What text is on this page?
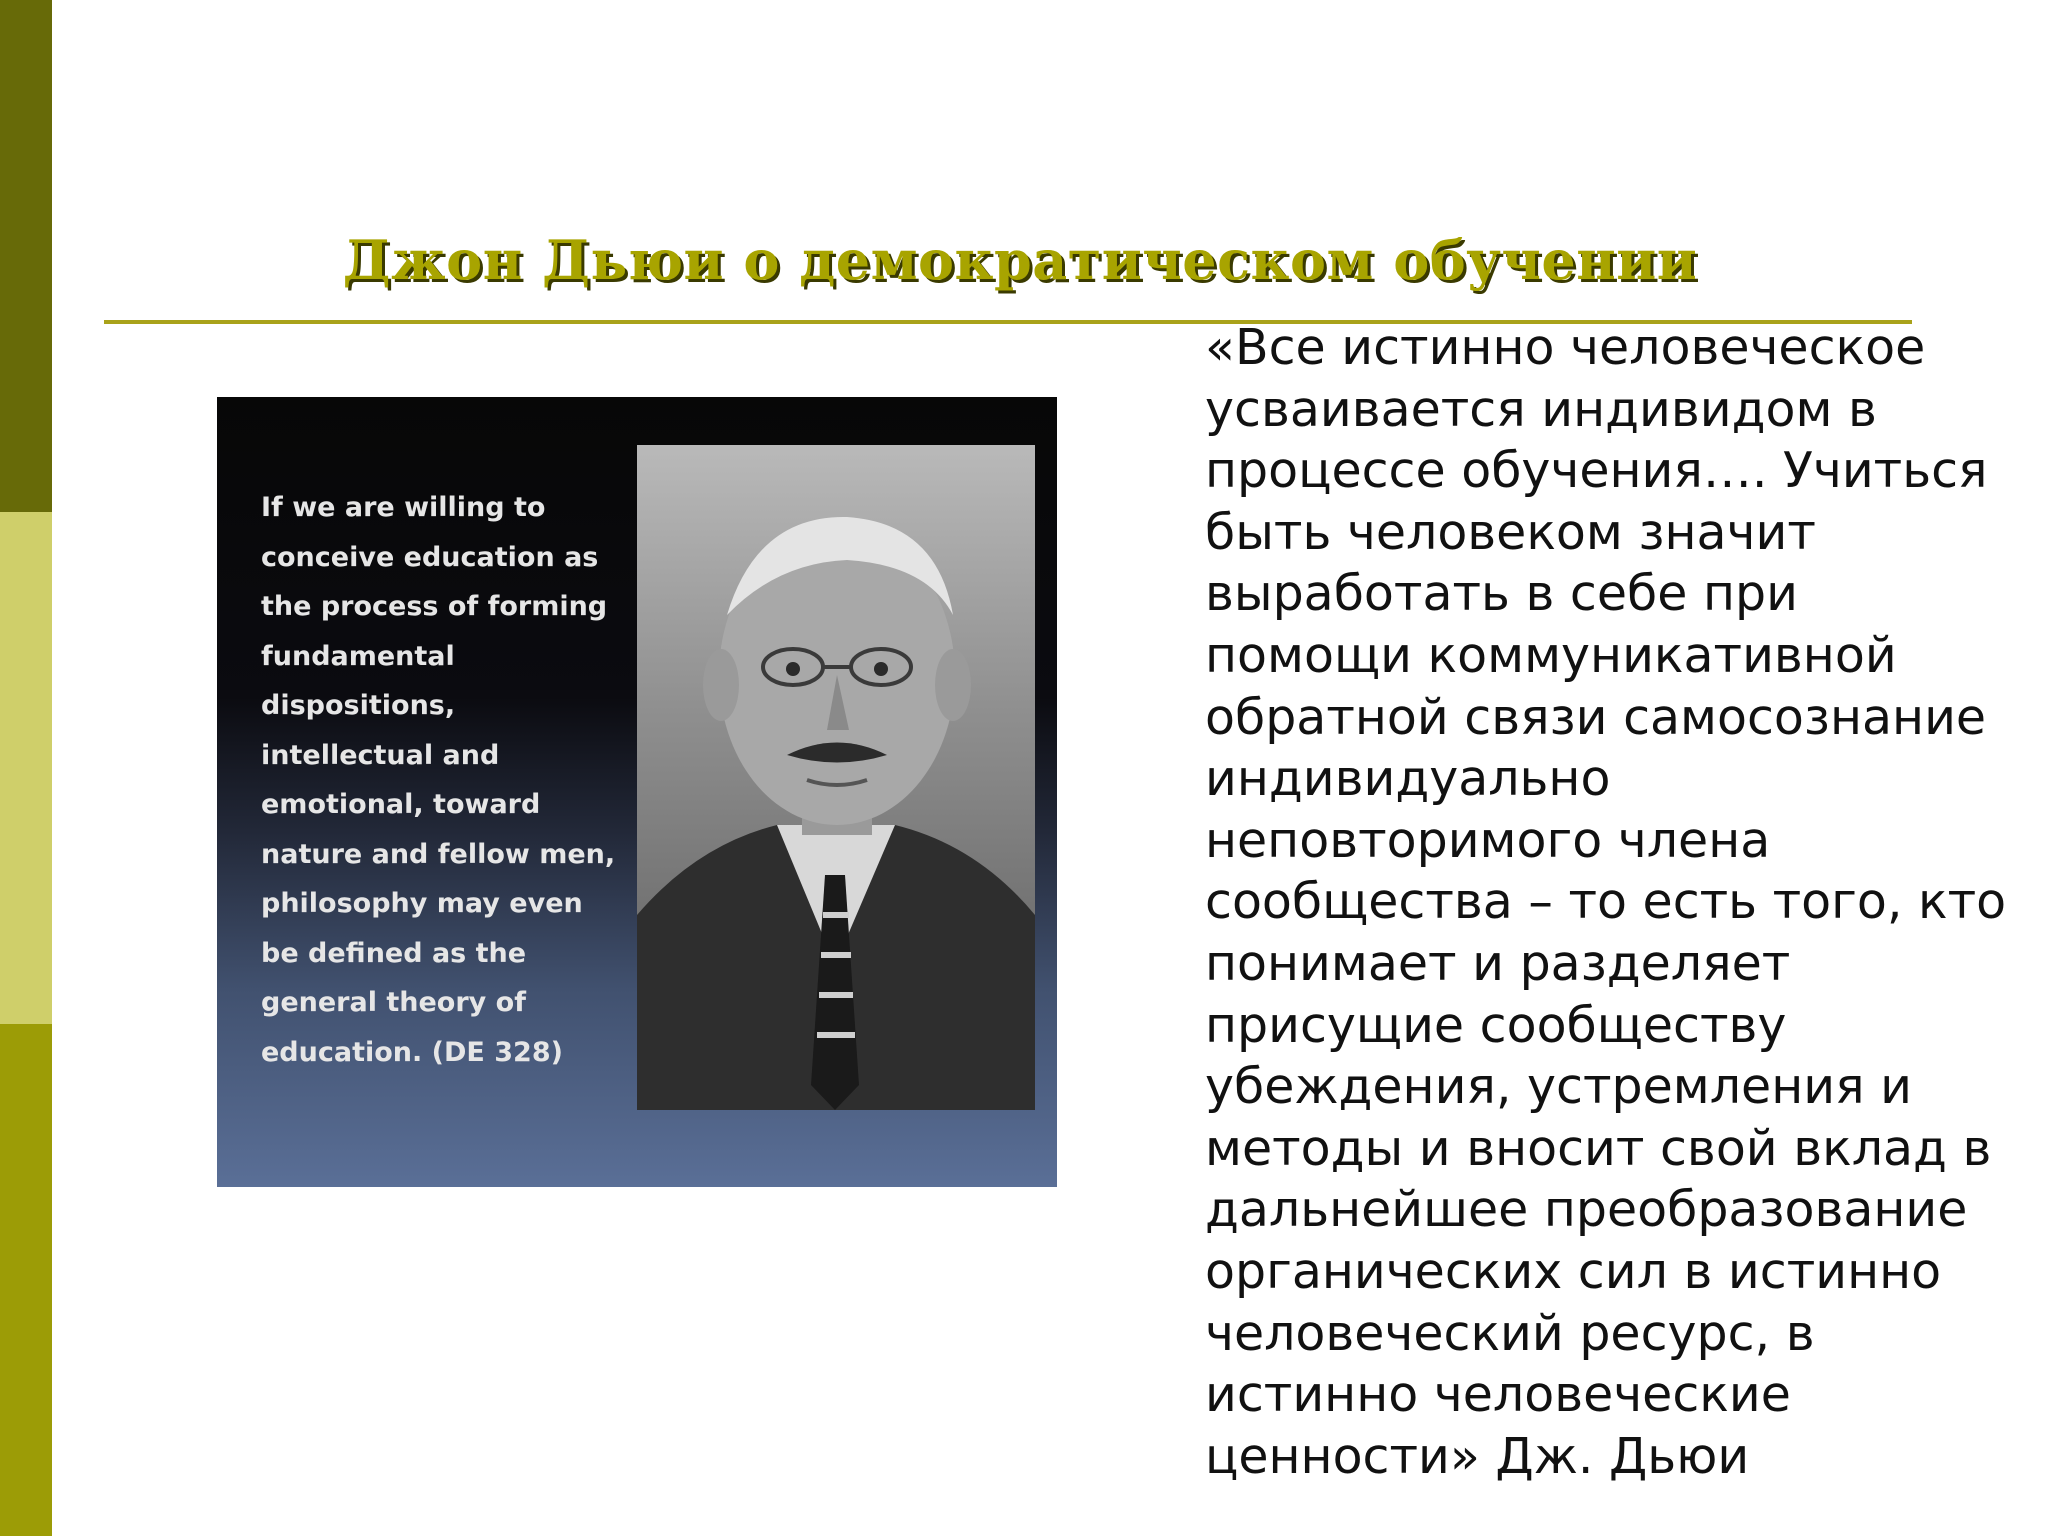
Джон Дьюи о демократическом обучении
If we are willing to
conceive education as
the process of forming
fundamental
dispositions,
intellectual and
emotional, toward
nature and fellow men,
philosophy may even
be defined as the
general theory of
education. (DE 328)
«Все истинно человеческое
усваивается индивидом в
процессе обучения…. Учиться
быть человеком значит
выработать в себе при
помощи коммуникативной
обратной связи самосознание
индивидуально
неповторимого члена
сообщества – то есть того, кто
понимает и разделяет
присущие сообществу
убеждения, устремления и
методы и вносит свой вклад в
дальнейшее преобразование
органических сил в истинно
человеческий ресурс, в
истинно человеческие
ценности» Дж. Дьюи
